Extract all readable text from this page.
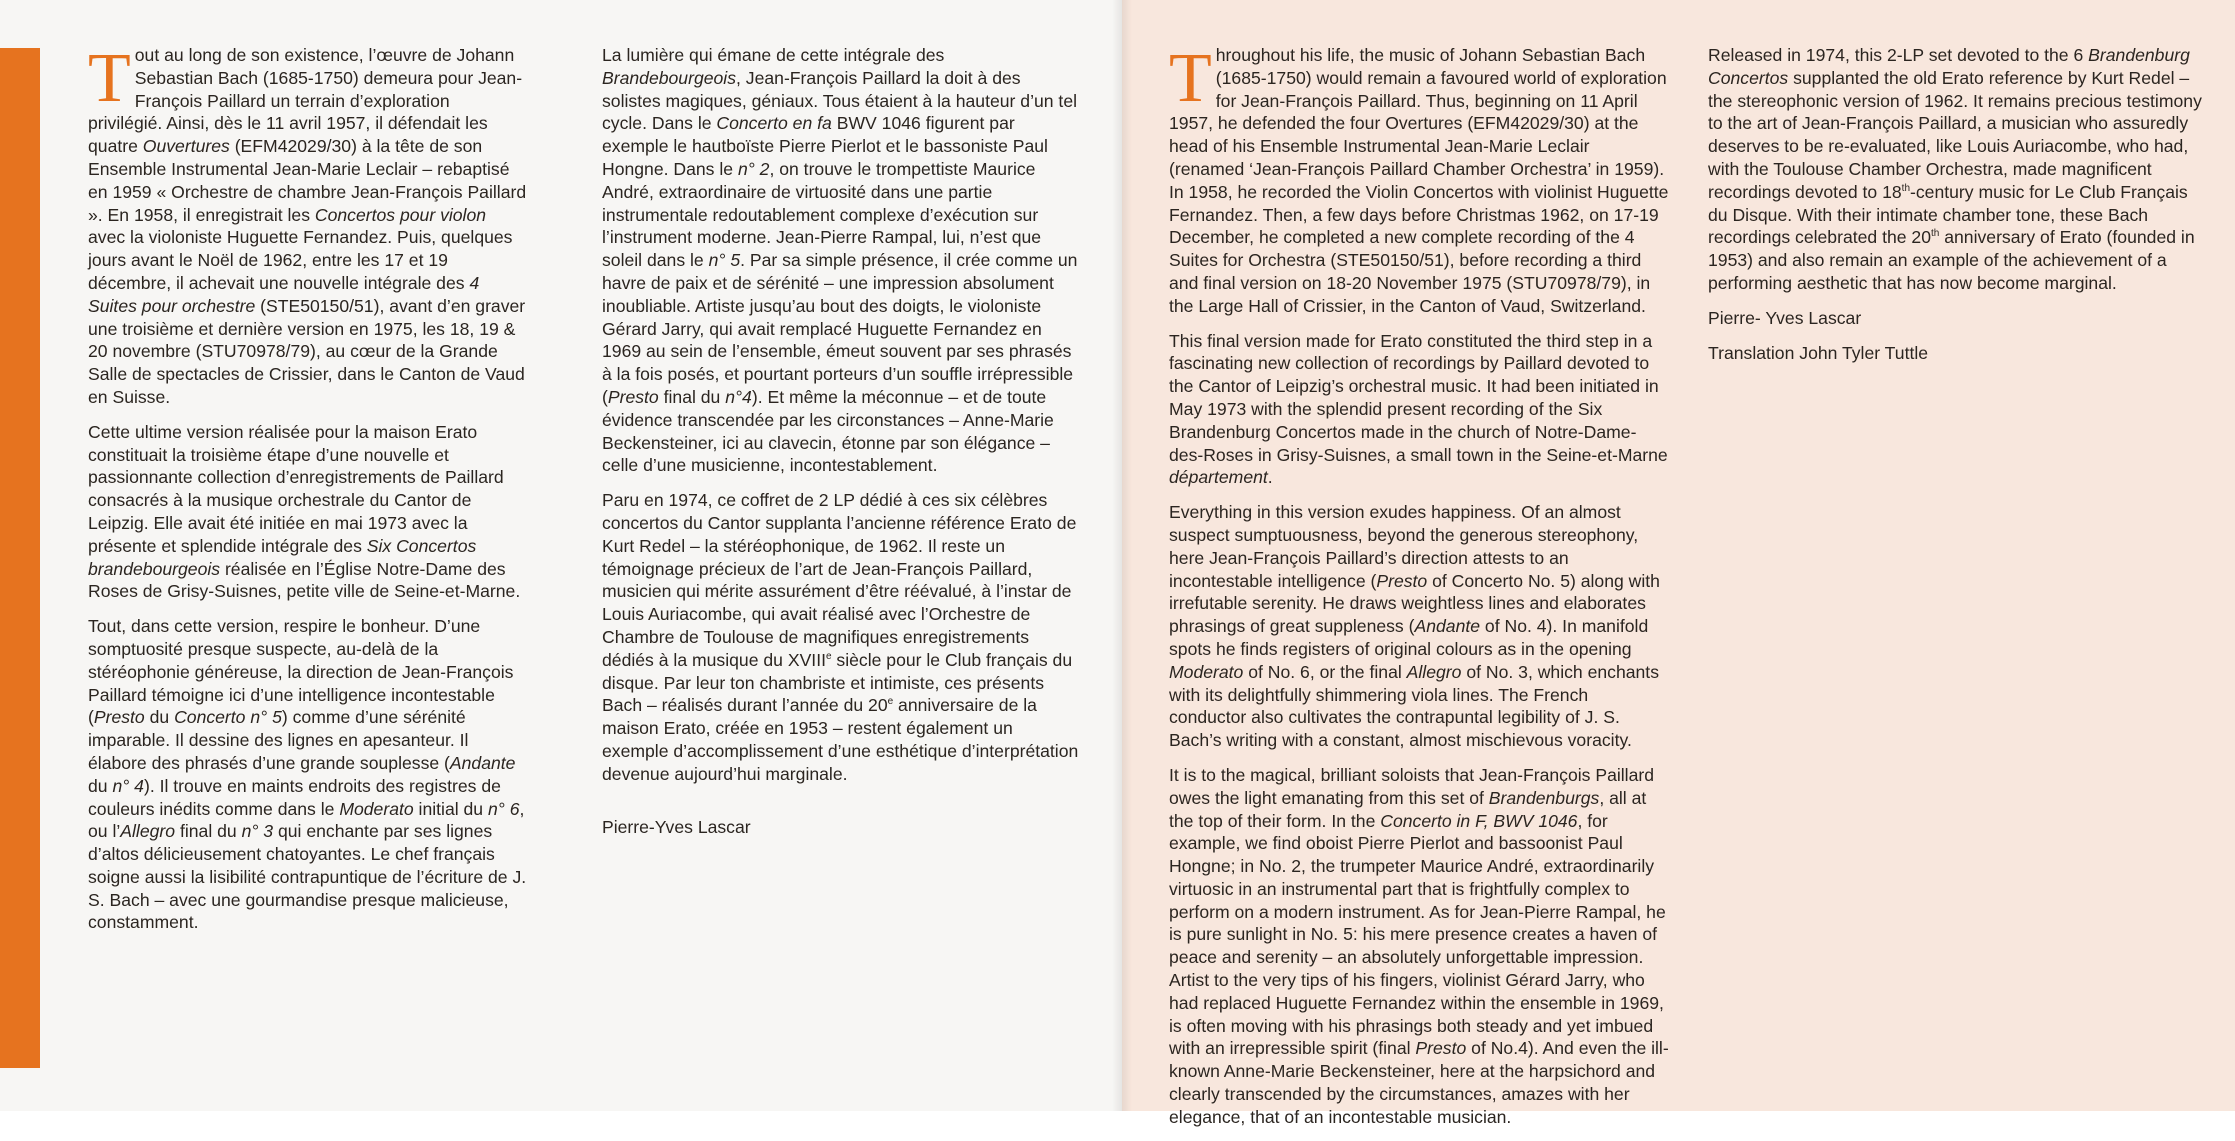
T out au long de son existence, l’œuvre de Johann Sebastian Bach (1685-1750) demeura pour Jean-François Paillard un terrain d’exploration privilégié. Ainsi, dès le 11 avril 1957, il défendait les quatre Ouvertures (EFM42029/30) à la tête de son Ensemble Instrumental Jean-Marie Leclair – rebaptisé en 1959 « Orchestre de chambre Jean-François Paillard ». En 1958, il enregistrait les Concertos pour violon avec la violoniste Huguette Fernandez. Puis, quelques jours avant le Noël de 1962, entre les 17 et 19 décembre, il achevait une nouvelle intégrale des 4 Suites pour orchestre (STE50150/51), avant d’en graver une troisième et dernière version en 1975, les 18, 19 & 20 novembre (STU70978/79), au cœur de la Grande Salle de spectacles de Crissier, dans le Canton de Vaud en Suisse.

Cette ultime version réalisée pour la maison Erato constituait la troisième étape d’une nouvelle et passionnante collection d’enregistrements de Paillard consacrés à la musique orchestrale du Cantor de Leipzig. Elle avait été initiée en mai 1973 avec la présente et splendide intégrale des Six Concertos brandebourgeois réalisée en l’Église Notre-Dame des Roses de Grisy-Suisnes, petite ville de Seine-et-Marne.

Tout, dans cette version, respire le bonheur. D’une somptuosité presque suspecte, au-delà de la stéréophonie généreuse, la direction de Jean-François Paillard témoigne ici d’une intelligence incontestable (Presto du Concerto n° 5) comme d’une sérénité imparable. Il dessine des lignes en apesanteur. Il élabore des phrasés d’une grande souplesse (Andante du n° 4). Il trouve en maints endroits des registres de couleurs inédits comme dans le Moderato initial du n° 6, ou l’Allegro final du n° 3 qui enchante par ses lignes d’altos délicieusement chatoyantes. Le chef français soigne aussi la lisibilité contrapuntique de l’écriture de J. S. Bach – avec une gourmandise presque malicieuse, constamment.

La lumière qui émane de cette intégrale des Brandebourgeois, Jean-François Paillard la doit à des solistes magiques, géniaux. Tous étaient à la hauteur d’un tel cycle. Dans le Concerto en fa BWV 1046 figurent par exemple le hautboïste Pierre Pierlot et le bassoniste Paul Hongne. Dans le n° 2, on trouve le trompettiste Maurice André, extraordinaire de virtuosité dans une partie instrumentale redoutablement complexe d’exécution sur l’instrument moderne. Jean-Pierre Rampal, lui, n’est que soleil dans le n° 5. Par sa simple présence, il crée comme un havre de paix et de sérénité – une impression absolument inoubliable. Artiste jusqu’au bout des doigts, le violoniste Gérard Jarry, qui avait remplacé Huguette Fernandez en 1969 au sein de l’ensemble, émeut souvent par ses phrasés à la fois posés, et pourtant porteurs d’un souffle irrépressible (Presto final du n°4). Et même la méconnue – et de toute évidence transcendée par les circonstances – Anne-Marie Beckensteiner, ici au clavecin, étonne par son élégance – celle d’une musicienne, incontestablement.

Paru en 1974, ce coffret de 2 LP dédié à ces six célèbres concertos du Cantor supplanta l’ancienne référence Erato de Kurt Redel – la stéréophonique, de 1962. Il reste un témoignage précieux de l’art de Jean-François Paillard, musicien qui mérite assurément d’être réévalué, à l’instar de Louis Auriacombe, qui avait réalisé avec l’Orchestre de Chambre de Toulouse de magnifiques enregistrements dédiés à la musique du XVIIIe siècle pour le Club français du disque. Par leur ton chambriste et intimiste, ces présents Bach – réalisés durant l’année du 20e anniversaire de la maison Erato, créée en 1953 – restent également un exemple d’accomplissement d’une esthétique d’interprétation devenue aujourd’hui marginale.

Pierre-Yves Lascar

T hroughout his life, the music of Johann Sebastian Bach (1685-1750) would remain a favoured world of exploration for Jean-François Paillard. Thus, beginning on 11 April 1957, he defended the four Overtures (EFM42029/30) at the head of his Ensemble Instrumental Jean-Marie Leclair (renamed ‘Jean-François Paillard Chamber Orchestra’ in 1959). In 1958, he recorded the Violin Concertos with violinist Huguette Fernandez. Then, a few days before Christmas 1962, on 17-19 December, he completed a new complete recording of the 4 Suites for Orchestra (STE50150/51), before recording a third and final version on 18-20 November 1975 (STU70978/79), in the Large Hall of Crissier, in the Canton of Vaud, Switzerland.

This final version made for Erato constituted the third step in a fascinating new collection of recordings by Paillard devoted to the Cantor of Leipzig’s orchestral music. It had been initiated in May 1973 with the splendid present recording of the Six Brandenburg Concertos made in the church of Notre-Dame-des-Roses in Grisy-Suisnes, a small town in the Seine-et-Marne département.

Everything in this version exudes happiness. Of an almost suspect sumptuousness, beyond the generous stereophony, here Jean-François Paillard’s direction attests to an incontestable intelligence (Presto of Concerto No. 5) along with irrefutable serenity. He draws weightless lines and elaborates phrasings of great suppleness (Andante of No. 4). In manifold spots he finds registers of original colours as in the opening Moderato of No. 6, or the final Allegro of No. 3, which enchants with its delightfully shimmering viola lines. The French conductor also cultivates the contrapuntal legibility of J. S. Bach’s writing with a constant, almost mischievous voracity.

It is to the magical, brilliant soloists that Jean-François Paillard owes the light emanating from this set of Brandenburgs, all at the top of their form. In the Concerto in F, BWV 1046, for example, we find oboist Pierre Pierlot and bassoonist Paul Hongne; in No. 2, the trumpeter Maurice André, extraordinarily virtuosic in an instrumental part that is frightfully complex to perform on a modern instrument. As for Jean-Pierre Rampal, he is pure sunlight in No. 5: his mere presence creates a haven of peace and serenity – an absolutely unforgettable impression. Artist to the very tips of his fingers, violinist Gérard Jarry, who had replaced Huguette Fernandez within the ensemble in 1969, is often moving with his phrasings both steady and yet imbued with an irrepressible spirit (final Presto of No.4). And even the ill-known Anne-Marie Beckensteiner, here at the harpsichord and clearly transcended by the circumstances, amazes with her elegance, that of an incontestable musician.

Released in 1974, this 2-LP set devoted to the 6 Brandenburg Concertos supplanted the old Erato reference by Kurt Redel – the stereophonic version of 1962. It remains precious testimony to the art of Jean-François Paillard, a musician who assuredly deserves to be re-evaluated, like Louis Auriacombe, who had, with the Toulouse Chamber Orchestra, made magnificent recordings devoted to 18th-century music for Le Club Français du Disque. With their intimate chamber tone, these Bach recordings celebrated the 20th anniversary of Erato (founded in 1953) and also remain an example of the achievement of a performing aesthetic that has now become marginal.

Pierre- Yves Lascar

Translation John Tyler Tuttle
